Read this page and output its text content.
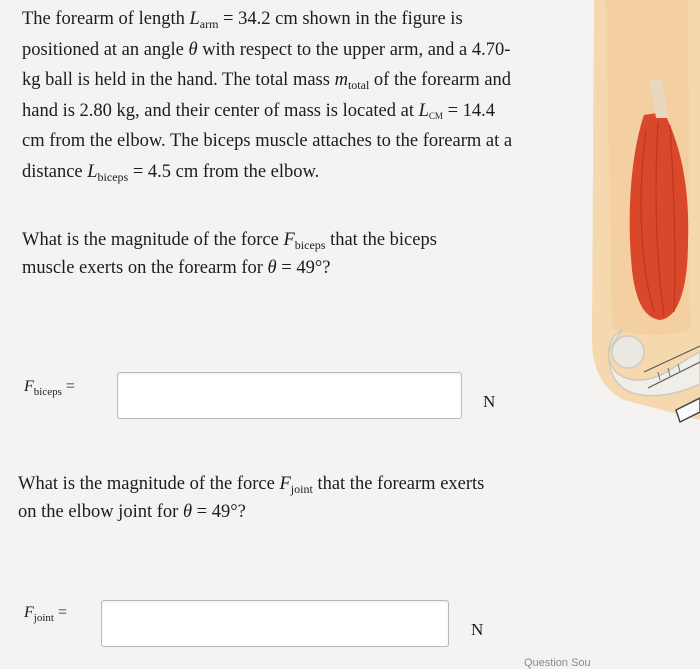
The forearm of length $L_{arm} = 34.2$ cm shown in the figure is positioned at an angle θ with respect to the upper arm, and a 4.70-kg ball is held in the hand. The total mass $m_{total}$ of the forearm and hand is 2.80 kg, and their center of mass is located at $L_{CM} = 14.4$ cm from the elbow. The biceps muscle attaches to the forearm at a distance $L_{biceps} = 4.5$ cm from the elbow.
What is the magnitude of the force $F_{biceps}$ that the biceps muscle exerts on the forearm for θ = 49°?
$F_{biceps}$ =
N
What is the magnitude of the force $F_{joint}$ that the forearm exerts on the elbow joint for θ = 49°?
$F_{joint}$ =
N
Question Sou
